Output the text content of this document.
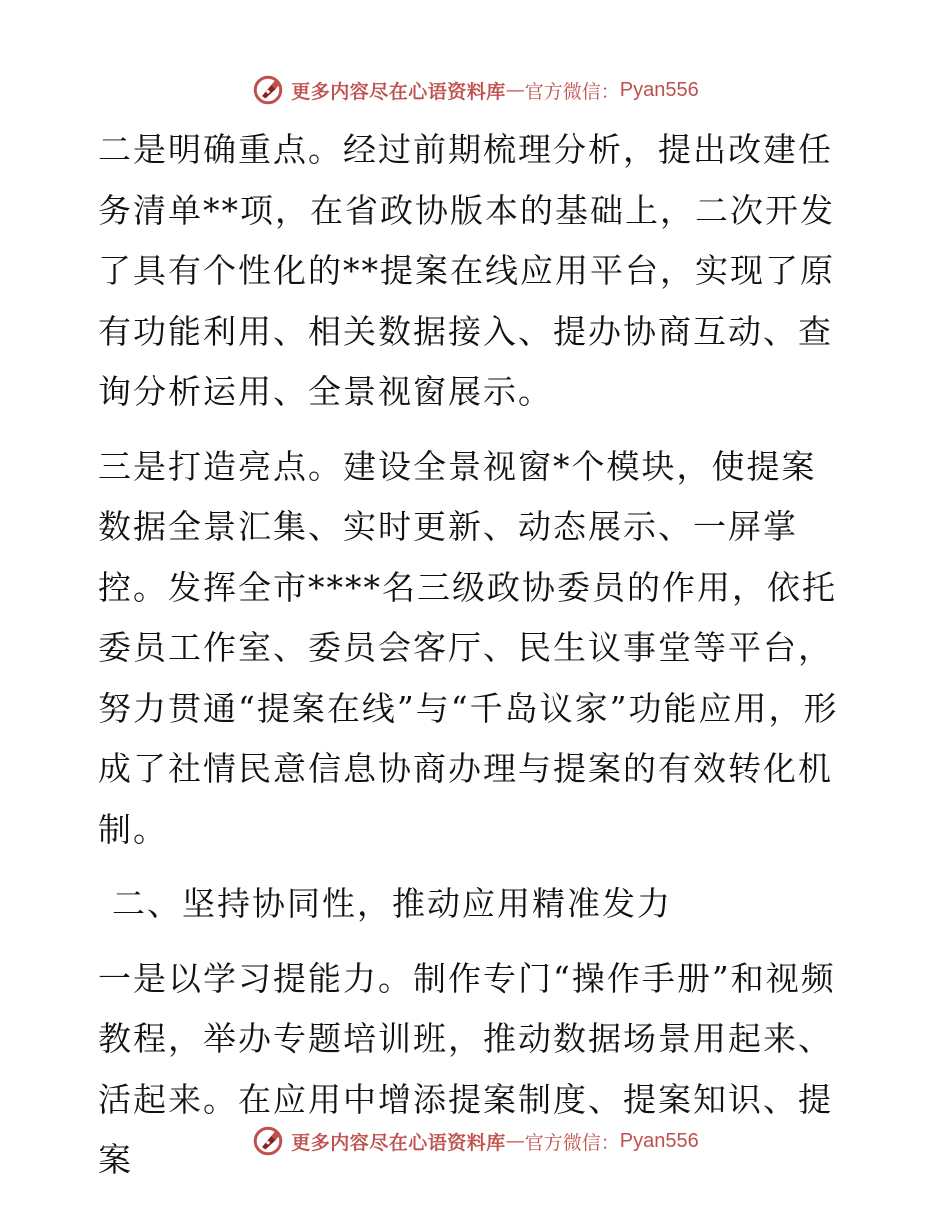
更多内容尽在心语资料库 — 官方微信： Pyan556

二是明确重点。经过前期梳理分析，提出改建任务清单**项，在省政协版本的基础上，二次开发了具有个性化的**提案在线应用平台，实现了原有功能利用、相关数据接入、提办协商互动、查询分析运用、全景视窗展示。

三是打造亮点。建设全景视窗*个模块，使提案数据全景汇集、实时更新、动态展示、一屏掌控。发挥全市****名三级政协委员的作用，依托委员工作室、委员会客厅、民生议事堂等平台，努力贯通“提案在线”与“千岛议家”功能应用，形成了社情民意信息协商办理与提案的有效转化机制。

二、坚持协同性，推动应用精准发力

一是以学习提能力。制作专门“操作手册”和视频教程，举办专题培训班，推动数据场景用起来、活起来。在应用中增添提案制度、提案知识、提案	更多内容尽在心语资料库 — 官方微信： Pyan556
